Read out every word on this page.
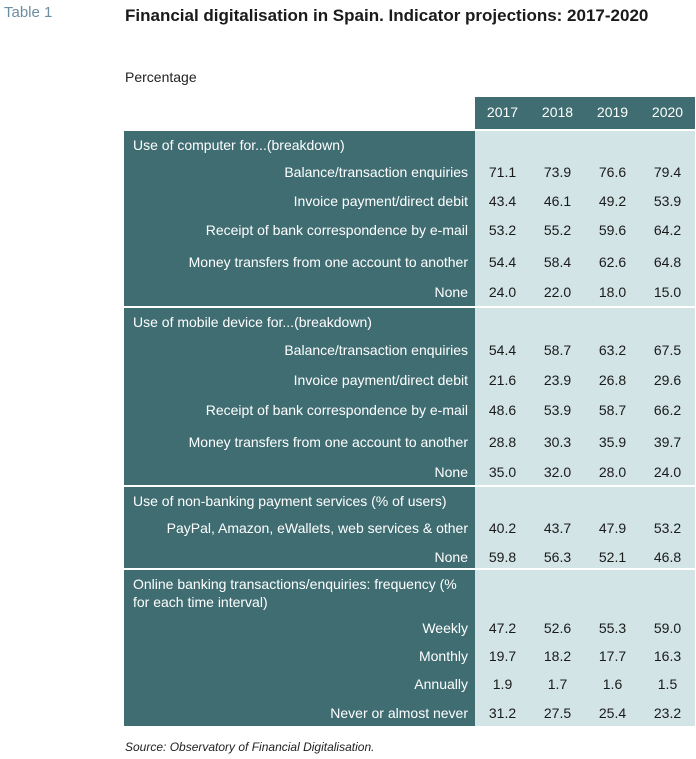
Table 1	Financial digitalisation in Spain. Indicator projections: 2017-2020
Percentage
2017	2018	2019	2020
Use of computer for...(breakdown)
Balance/transaction enquiries	71.1	73.9	76.6	79.4
Invoice payment/direct debit	43.4	46.1	49.2	53.9
Receipt of bank correspondence by e-mail	53.2	55.2	59.6	64.2
Money transfers from one account to another	54.4	58.4	62.6	64.8
None	24.0	22.0	18.0	15.0
Use of mobile device for...(breakdown)
Balance/transaction enquiries	54.4	58.7	63.2	67.5
Invoice payment/direct debit	21.6	23.9	26.8	29.6
Receipt of bank correspondence by e-mail	48.6	53.9	58.7	66.2
Money transfers from one account to another	28.8	30.3	35.9	39.7
None	35.0	32.0	28.0	24.0
Use of non-banking payment services (% of users)
PayPal, Amazon, eWallets, web services & other	40.2	43.7	47.9	53.2
None	59.8	56.3	52.1	46.8
Online banking transactions/enquiries: frequency (% for each time interval)
Weekly	47.2	52.6	55.3	59.0
Monthly	19.7	18.2	17.7	16.3
Annually	1.9	1.7	1.6	1.5
Never or almost never	31.2	27.5	25.4	23.2
Source: Observatory of Financial Digitalisation.
